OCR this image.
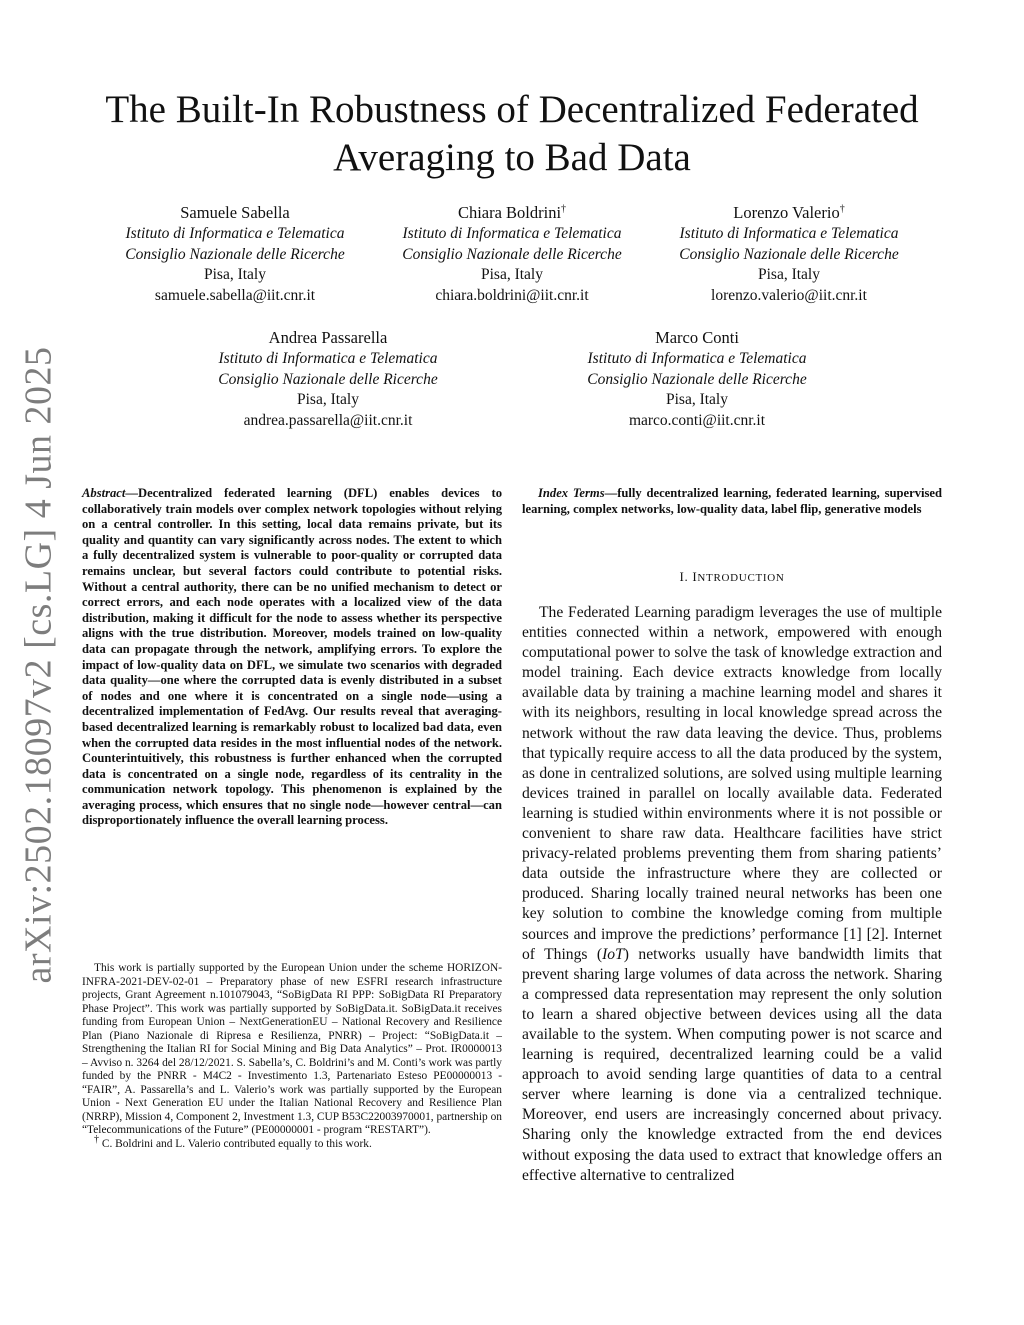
arXiv:2502.18097v2 [cs.LG] 4 Jun 2025
The Built-In Robustness of Decentralized Federated Averaging to Bad Data
Samuele Sabella
Istituto di Informatica e Telematica
Consiglio Nazionale delle Ricerche
Pisa, Italy
samuele.sabella@iit.cnr.it
Chiara Boldrini†
Istituto di Informatica e Telematica
Consiglio Nazionale delle Ricerche
Pisa, Italy
chiara.boldrini@iit.cnr.it
Lorenzo Valerio†
Istituto di Informatica e Telematica
Consiglio Nazionale delle Ricerche
Pisa, Italy
lorenzo.valerio@iit.cnr.it
Andrea Passarella
Istituto di Informatica e Telematica
Consiglio Nazionale delle Ricerche
Pisa, Italy
andrea.passarella@iit.cnr.it
Marco Conti
Istituto di Informatica e Telematica
Consiglio Nazionale delle Ricerche
Pisa, Italy
marco.conti@iit.cnr.it

Abstract—Decentralized federated learning (DFL) enables devices to collaboratively train models over complex network topologies without relying on a central controller. In this setting, local data remains private, but its quality and quantity can vary significantly across nodes. The extent to which a fully decentralized system is vulnerable to poor-quality or corrupted data remains unclear, but several factors could contribute to potential risks. Without a central authority, there can be no unified mechanism to detect or correct errors, and each node operates with a localized view of the data distribution, making it difficult for the node to assess whether its perspective aligns with the true distribution. Moreover, models trained on low-quality data can propagate through the network, amplifying errors. To explore the impact of low-quality data on DFL, we simulate two scenarios with degraded data quality—one where the corrupted data is evenly distributed in a subset of nodes and one where it is concentrated on a single node—using a decentralized implementation of FedAvg. Our results reveal that averaging-based decentralized learning is remarkably robust to localized bad data, even when the corrupted data resides in the most influential nodes of the network. Counterintuitively, this robustness is further enhanced when the corrupted data is concentrated on a single node, regardless of its centrality in the communication network topology. This phenomenon is explained by the averaging process, which ensures that no single node—however central—can disproportionately influence the overall learning process.

This work is partially supported by the European Union under the scheme HORIZON-INFRA-2021-DEV-02-01 – Preparatory phase of new ESFRI research infrastructure projects, Grant Agreement n.101079043, “SoBigData RI PPP: SoBigData RI Preparatory Phase Project”. This work was partially supported by SoBigData.it. SoBigData.it receives funding from European Union – NextGenerationEU – National Recovery and Resilience Plan (Piano Nazionale di Ripresa e Resilienza, PNRR) – Project: “SoBigData.it – Strengthening the Italian RI for Social Mining and Big Data Analytics” – Prot. IR0000013 – Avviso n. 3264 del 28/12/2021. S. Sabella’s, C. Boldrini’s and M. Conti’s work was partly funded by the PNRR - M4C2 - Investimento 1.3, Partenariato Esteso PE00000013 - “FAIR”, A. Passarella’s and L. Valerio’s work was partially supported by the European Union - Next Generation EU under the Italian National Recovery and Resilience Plan (NRRP), Mission 4, Component 2, Investment 1.3, CUP B53C22003970001, partnership on “Telecommunications of the Future” (PE00000001 - program “RESTART”).

† C. Boldrini and L. Valerio contributed equally to this work.

Index Terms—fully decentralized learning, federated learning, supervised learning, complex networks, low-quality data, label flip, generative models

I. INTRODUCTION

The Federated Learning paradigm leverages the use of multiple entities connected within a network, empowered with enough computational power to solve the task of knowledge extraction and model training. Each device extracts knowledge from locally available data by training a machine learning model and shares it with its neighbors, resulting in local knowledge spread across the network without the raw data leaving the device. Thus, problems that typically require access to all the data produced by the system, as done in centralized solutions, are solved using multiple learning devices trained in parallel on locally available data. Federated learning is studied within environments where it is not possible or convenient to share raw data. Healthcare facilities have strict privacy-related problems preventing them from sharing patients’ data outside the infrastructure where they are collected or produced. Sharing locally trained neural networks has been one key solution to combine the knowledge coming from multiple sources and improve the predictions’ performance [1] [2]. Internet of Things (IoT) networks usually have bandwidth limits that prevent sharing large volumes of data across the network. Sharing a compressed data representation may represent the only solution to learn a shared objective between devices using all the data available to the system. When computing power is not scarce and learning is required, decentralized learning could be a valid approach to avoid sending large quantities of data to a central server where learning is done via a centralized technique. Moreover, end users are increasingly concerned about privacy. Sharing only the knowledge extracted from the end devices without exposing the data used to extract that knowledge offers an effective alternative to centralized
